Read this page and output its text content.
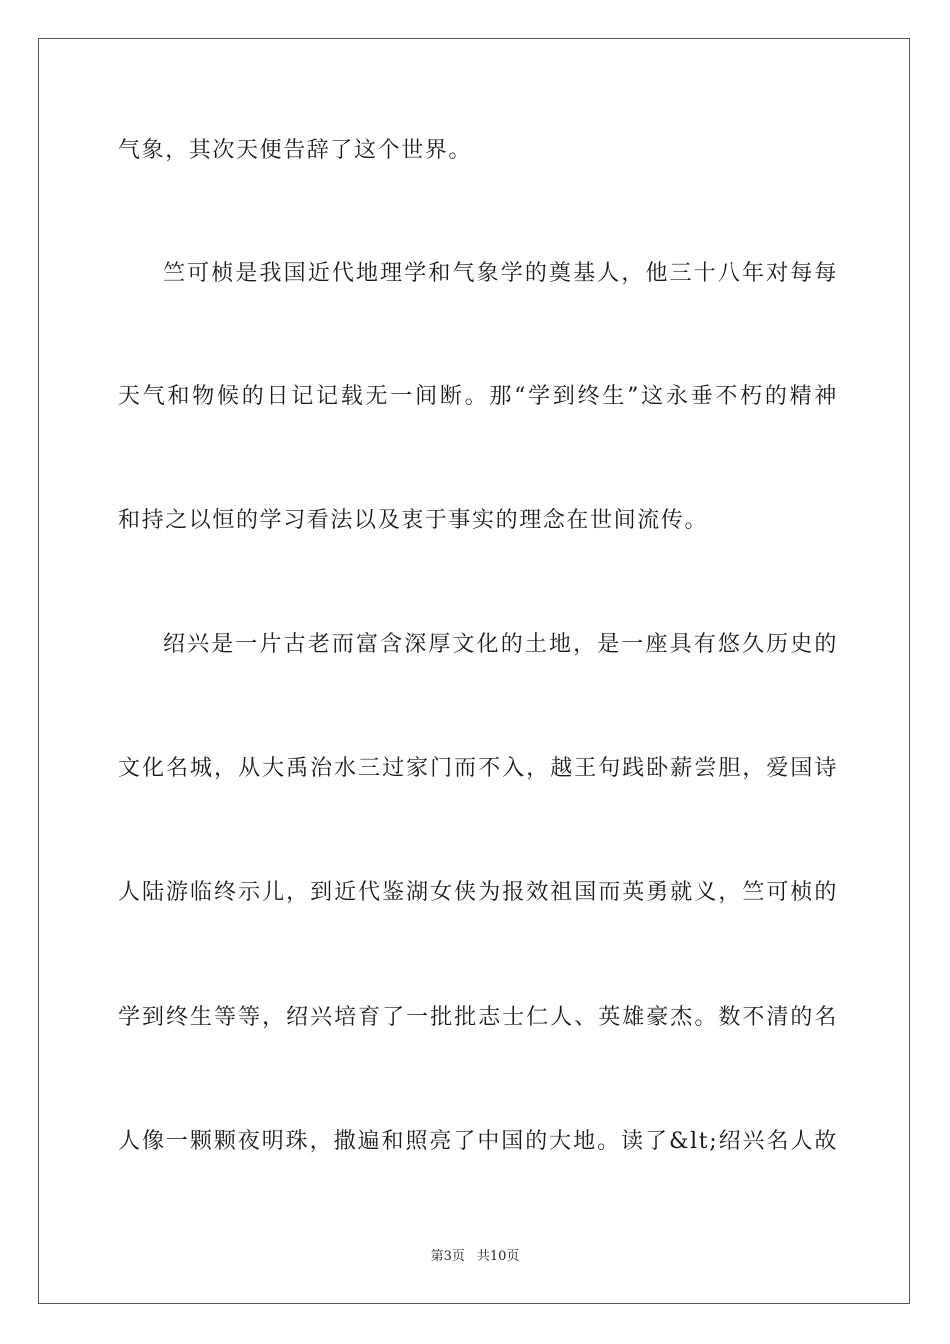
气象，其次天便告辞了这个世界。
竺可桢是我国近代地理学和气象学的奠基人，他三十八年对每每
天气和物候的日记记载无一间断。那“学到终生”这永垂不朽的精神
和持之以恒的学习看法以及衷于事实的理念在世间流传。
绍兴是一片古老而富含深厚文化的土地，是一座具有悠久历史的
文化名城，从大禹治水三过家门而不入，越王句践卧薪尝胆，爱国诗
人陆游临终示儿，到近代鉴湖女侠为报效祖国而英勇就义，竺可桢的
学到终生等等，绍兴培育了一批批志士仁人、英雄豪杰。数不清的名
人像一颗颗夜明珠，撒遍和照亮了中国的大地。读了&lt;绍兴名人故
第3页 共10页
